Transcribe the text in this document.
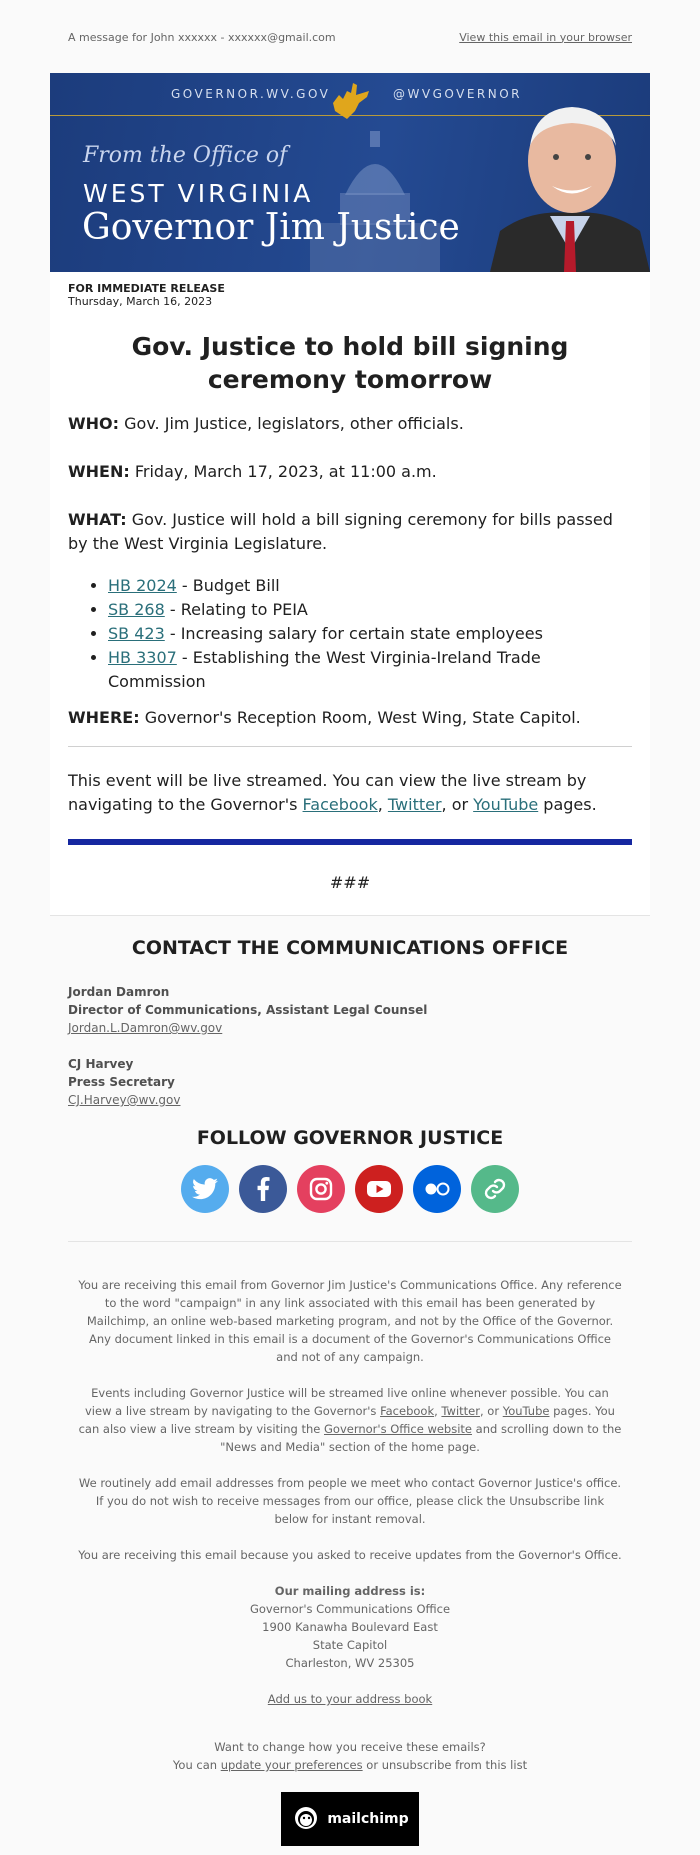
A message for John xxxxxx - xxxxxx@gmail.com	View this email in your browser
GOVERNOR.WV.GOV	@WVGOVERNOR
From the Office of
WEST VIRGINIA
Governor Jim Justice
FOR IMMEDIATE RELEASE
Thursday, March 16, 2023
Gov. Justice to hold bill signing ceremony tomorrow

WHO: Gov. Jim Justice, legislators, other officials.

WHEN: Friday, March 17, 2023, at 11:00 a.m.

WHAT: Gov. Justice will hold a bill signing ceremony for bills passed by the West Virginia Legislature.

• HB 2024 - Budget Bill
• SB 268 - Relating to PEIA
• SB 423 - Increasing salary for certain state employees
• HB 3307 - Establishing the West Virginia-Ireland Trade Commission

WHERE: Governor's Reception Room, West Wing, State Capitol.

This event will be live streamed. You can view the live stream by navigating to the Governor's Facebook, Twitter, or YouTube pages.

###
CONTACT THE COMMUNICATIONS OFFICE
Jordan Damron
Director of Communications, Assistant Legal Counsel
Jordan.L.Damron@wv.gov
CJ Harvey
Press Secretary
CJ.Harvey@wv.gov
FOLLOW GOVERNOR JUSTICE

You are receiving this email from Governor Jim Justice's Communications Office. Any reference to the word "campaign" in any link associated with this email has been generated by Mailchimp, an online web-based marketing program, and not by the Office of the Governor. Any document linked in this email is a document of the Governor's Communications Office and not of any campaign.

Events including Governor Justice will be streamed live online whenever possible. You can view a live stream by navigating to the Governor's Facebook, Twitter, or YouTube pages. You can also view a live stream by visiting the Governor's Office website and scrolling down to the "News and Media" section of the home page.

We routinely add email addresses from people we meet who contact Governor Justice's office. If you do not wish to receive messages from our office, please click the Unsubscribe link below for instant removal.

You are receiving this email because you asked to receive updates from the Governor's Office.

Our mailing address is:
Governor's Communications Office
1900 Kanawha Boulevard East
State Capitol
Charleston, WV 25305

Add us to your address book

Want to change how you receive these emails?
You can update your preferences or unsubscribe from this list

mailchimp
